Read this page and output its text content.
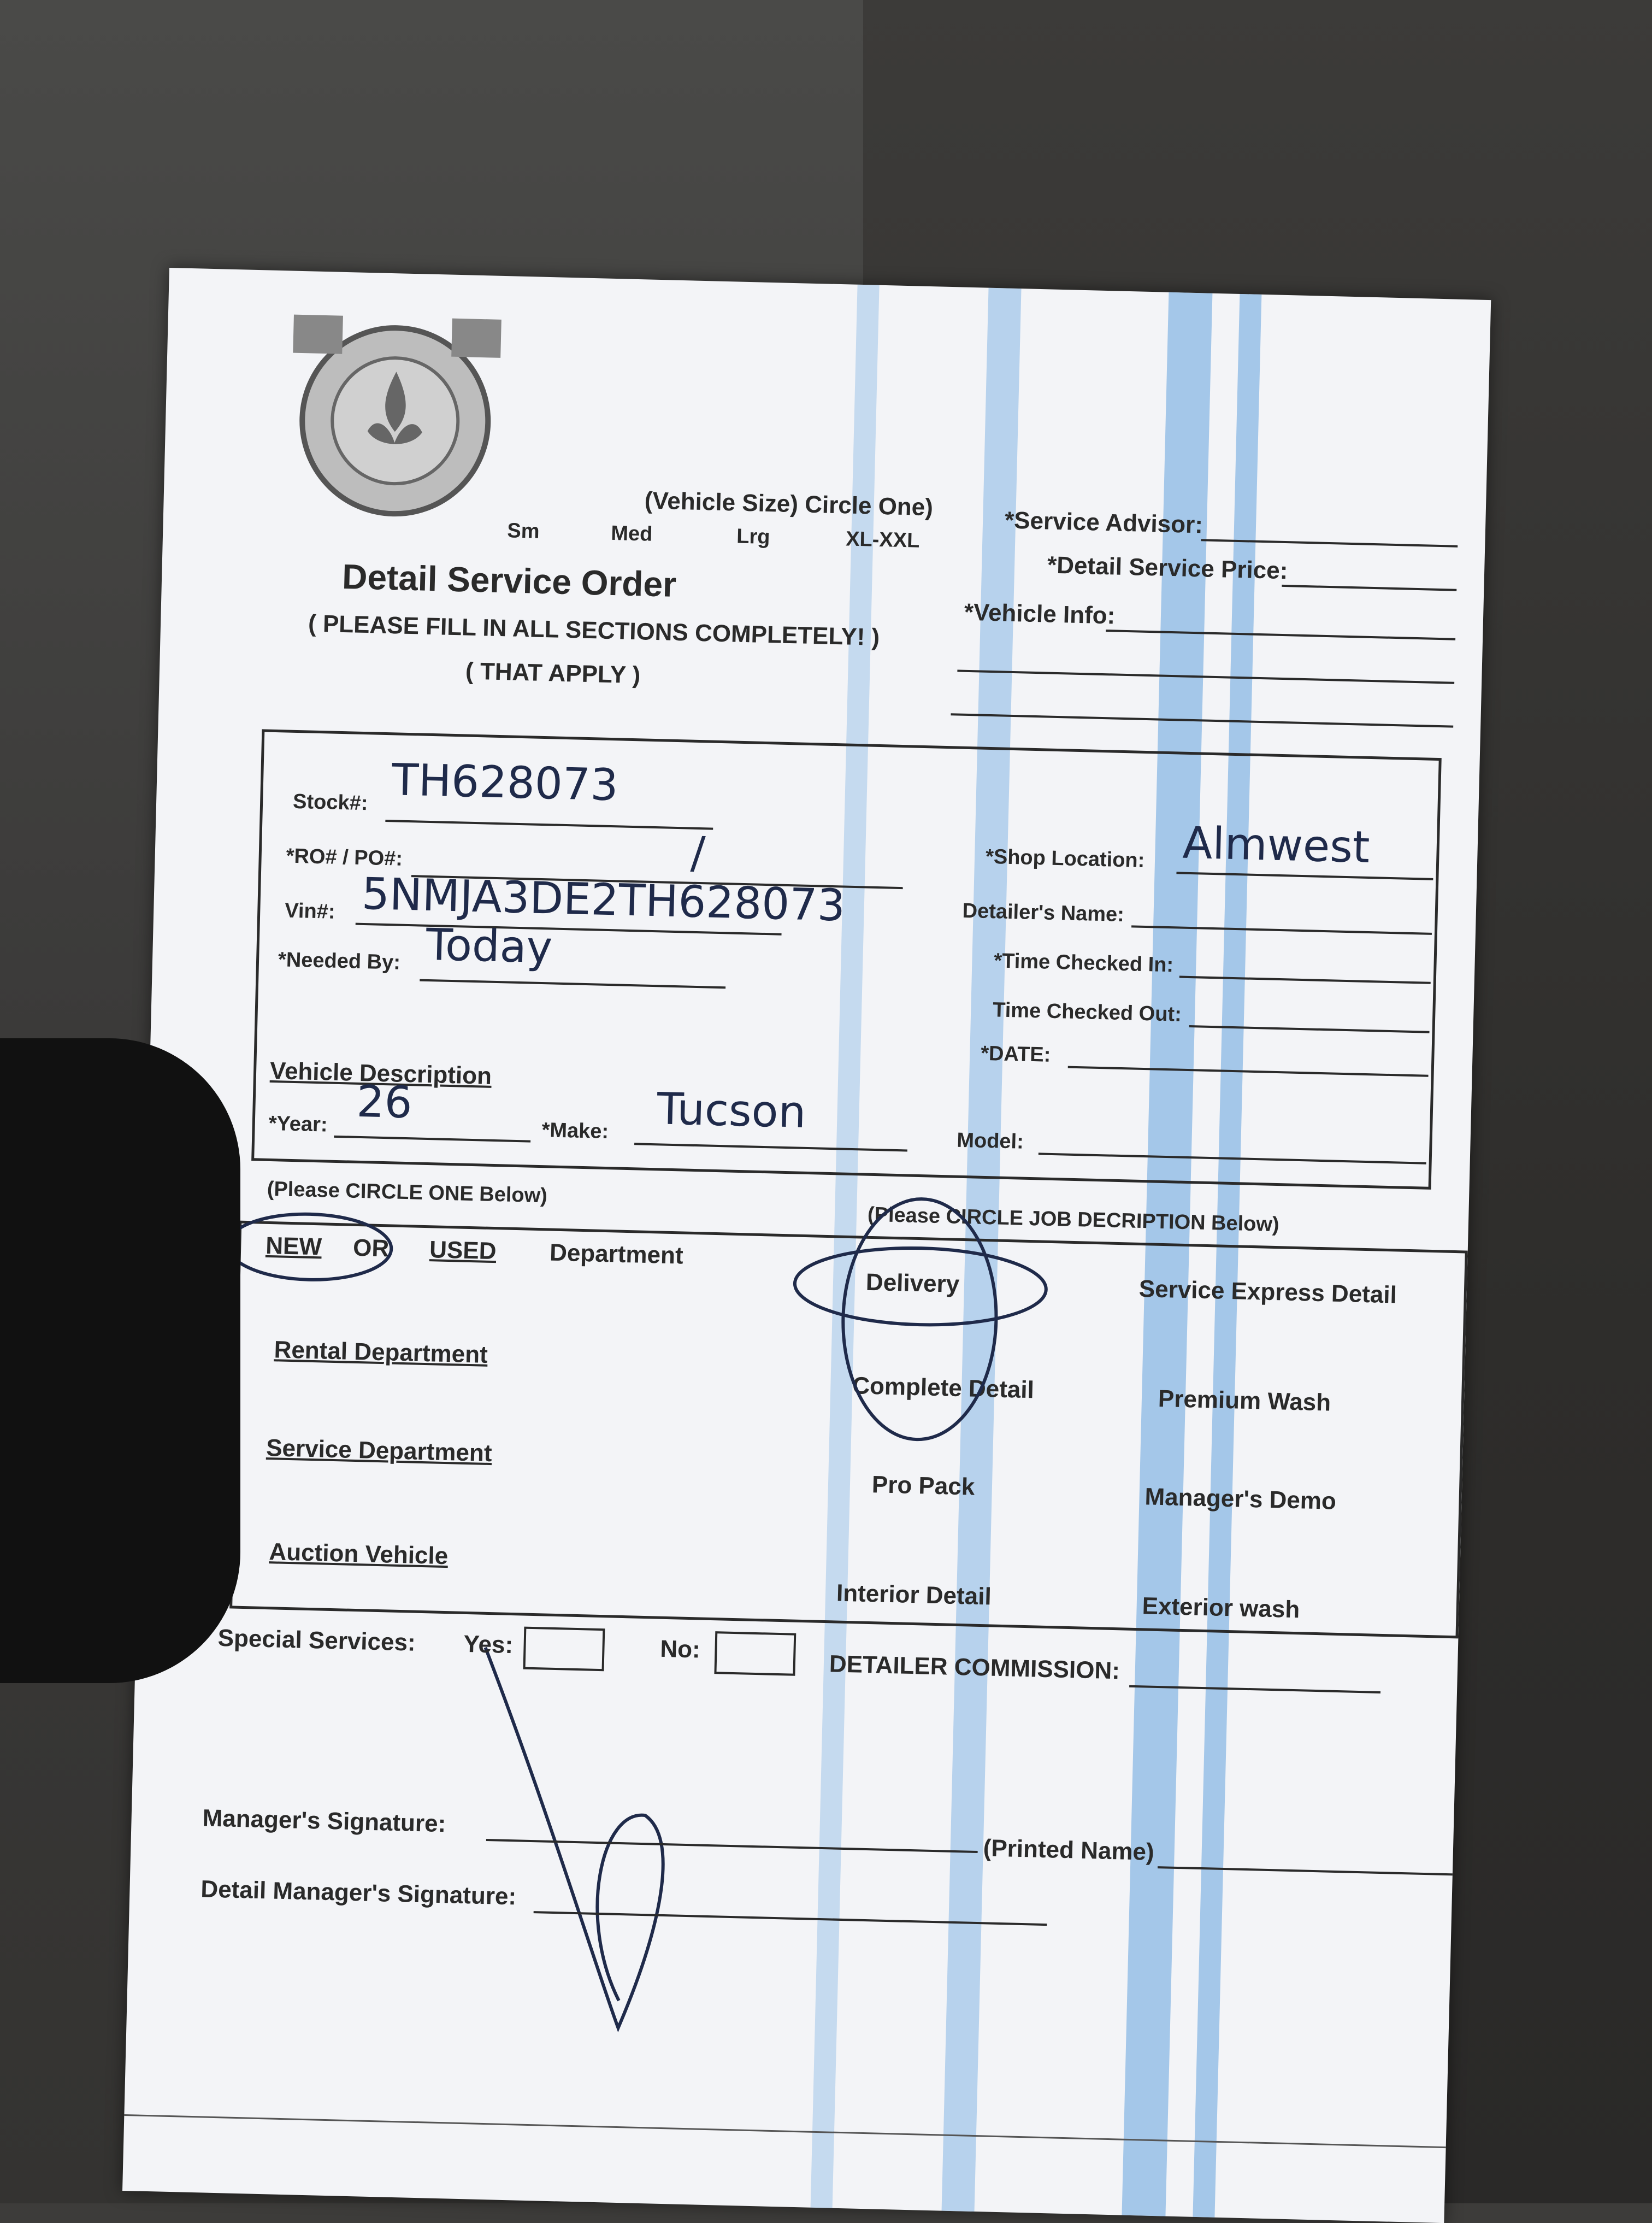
(Vehicle Size) Circle One)
Sm	Med	Lrg	XL-XXL
*Service Advisor:
*Detail Service Price:
*Vehicle Info:
Detail Service Order
( PLEASE FILL IN ALL SECTIONS COMPLETELY! )
( THAT APPLY )
Stock#: TH628073
*RO# / PO#:	/
Vin#: 5NMJA3DE2TH628073
*Needed By: Today
*Shop Location: Almwest
Detailer's Name:
*Time Checked In:
Time Checked Out:
*DATE:
Vehicle Description
*Year: 26
*Make: Tucson
Model:
(Please CIRCLE ONE Below)
(Please CIRCLE JOB DECRIPTION Below)
NEW OR USED Department
Rental Department
Service Department
Auction Vehicle
Delivery	Service Express Detail
Complete Detail	Premium Wash
Pro Pack	Manager's Demo
Interior Detail	Exterior wash
Special Services: Yes:	No:
DETAILER COMMISSION:
Manager's Signature:
(Printed Name)
Detail Manager's Signature:
